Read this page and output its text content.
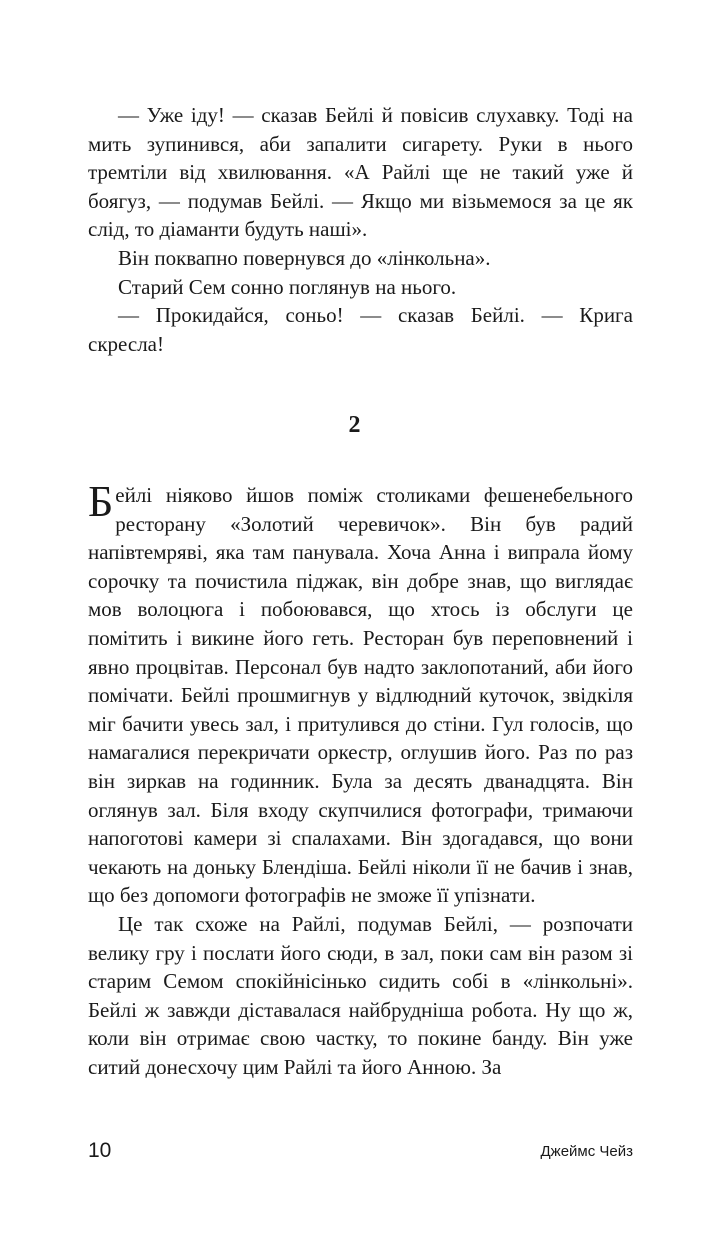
— Уже іду! — сказав Бейлі й повісив слухавку. Тоді на мить зупинився, аби запалити сигарету. Руки в нього тремтіли від хвилювання. «А Райлі ще не такий уже й боягуз, — подумав Бейлі. — Якщо ми візьмемося за це як слід, то діаманти будуть наші».

Він поквапно повернувся до «лінкольна».

Старий Сем сонно поглянув на нього.

— Прокидайся, соньо! — сказав Бейлі. — Крига скресла!

2

Бейлі ніяково йшов поміж столиками фешенебельного ресторану «Золотий черевичок». Він був радий напівтемряві, яка там панувала. Хоча Анна і випрала йому сорочку та почистила піджак, він добре знав, що виглядає мов волоцюга і побоювався, що хтось із обслуги це помітить і викине його геть. Ресторан був переповнений і явно процвітав. Персонал був надто заклопотаний, аби його помічати. Бейлі прошмигнув у відлюдний куточок, звідкіля міг бачити увесь зал, і притулився до стіни. Гул голосів, що намагалися перекричати оркестр, оглушив його. Раз по раз він зиркав на годинник. Була за десять дванадцята. Він оглянув зал. Біля входу скупчилися фотографи, тримаючи напоготові камери зі спалахами. Він здогадався, що вони чекають на доньку Блендіша. Бейлі ніколи її не бачив і знав, що без допомоги фотографів не зможе її упізнати.

Це так схоже на Райлі, подумав Бейлі, — розпочати велику гру і послати його сюди, в зал, поки сам він разом зі старим Семом спокійнісінько сидить собі в «лінкольні». Бейлі ж завжди діставалася найбрудніша робота. Ну що ж, коли він отримає свою частку, то покине банду. Він уже ситий донесхочу цим Райлі та його Анною. За

10	Джеймс Чейз
